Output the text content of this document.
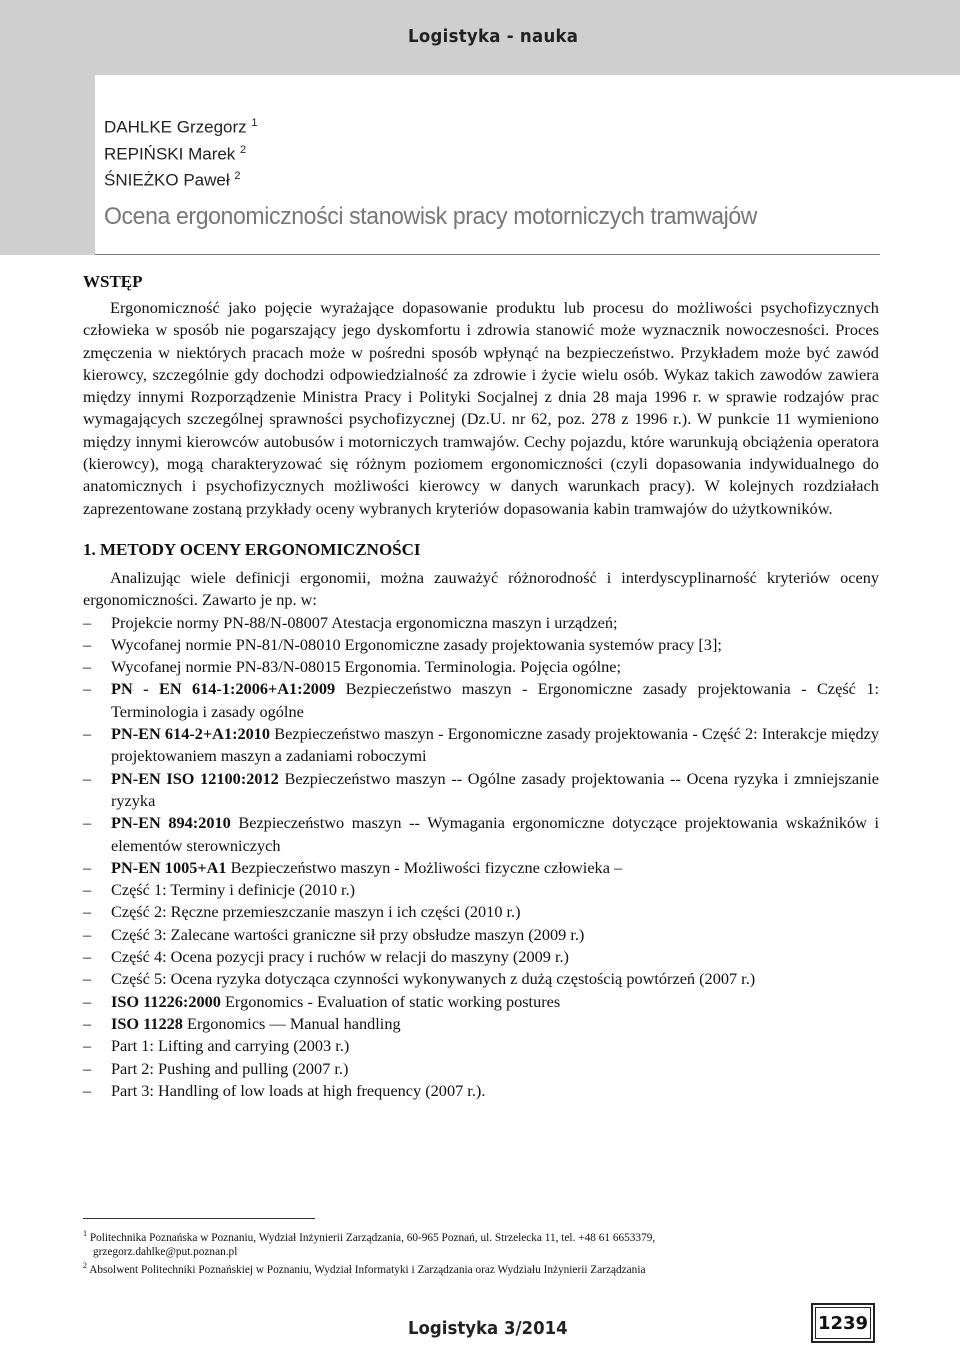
Logistyka - nauka
DAHLKE Grzegorz $^1$
REPIŃSKI Marek $^2$
ŚNIEŻKO Paweł $^2$
Ocena ergonomiczności stanowisk pracy motorniczych tramwajów
WSTĘP

Ergonomiczność jako pojęcie wyrażające dopasowanie produktu lub procesu do możliwości psychofizycznych człowieka w sposób nie pogarszający jego dyskomfortu i zdrowia stanowić może wyznacznik nowoczesności. Proces zmęczenia w niektórych pracach może w pośredni sposób wpłynąć na bezpieczeństwo. Przykładem może być zawód kierowcy, szczególnie gdy dochodzi odpowiedzialność za zdrowie i życie wielu osób. Wykaz takich zawodów zawiera między innymi Rozporządzenie Ministra Pracy i Polityki Socjalnej z dnia 28 maja 1996 r. w sprawie rodzajów prac wymagających szczególnej sprawności psychofizycznej (Dz.U. nr 62, poz. 278 z 1996 r.). W punkcie 11 wymieniono między innymi kierowców autobusów i motorniczych tramwajów. Cechy pojazdu, które warunkują obciążenia operatora (kierowcy), mogą charakteryzować się różnym poziomem ergonomiczności (czyli dopasowania indywidualnego do anatomicznych i psychofizycznych możliwości kierowcy w danych warunkach pracy). W kolejnych rozdziałach zaprezentowane zostaną przykłady oceny wybranych kryteriów dopasowania kabin tramwajów do użytkowników.

1. METODY OCENY ERGONOMICZNOŚCI

Analizując wiele definicji ergonomii, można zauważyć różnorodność i interdyscyplinarność kryteriów oceny ergonomiczności. Zawarto je np. w:

– Projekcie normy PN-88/N-08007 Atestacja ergonomiczna maszyn i urządzeń;
– Wycofanej normie PN-81/N-08010 Ergonomiczne zasady projektowania systemów pracy [3];
– Wycofanej normie PN-83/N-08015 Ergonomia. Terminologia. Pojęcia ogólne;
– PN - EN 614-1:2006+A1:2009 Bezpieczeństwo maszyn - Ergonomiczne zasady projektowania - Część 1: Terminologia i zasady ogólne
– PN-EN 614-2+A1:2010 Bezpieczeństwo maszyn - Ergonomiczne zasady projektowania - Część 2: Interakcje między projektowaniem maszyn a zadaniami roboczymi
– PN-EN ISO 12100:2012 Bezpieczeństwo maszyn -- Ogólne zasady projektowania -- Ocena ryzyka i zmniejszanie ryzyka
– PN-EN 894:2010 Bezpieczeństwo maszyn -- Wymagania ergonomiczne dotyczące projektowania wskaźników i elementów sterowniczych
– PN-EN 1005+A1 Bezpieczeństwo maszyn - Możliwości fizyczne człowieka –
– Część 1: Terminy i definicje (2010 r.)
– Część 2: Ręczne przemieszczanie maszyn i ich części (2010 r.)
– Część 3: Zalecane wartości graniczne sił przy obsłudze maszyn (2009 r.)
– Część 4: Ocena pozycji pracy i ruchów w relacji do maszyny (2009 r.)
– Część 5: Ocena ryzyka dotycząca czynności wykonywanych z dużą częstością powtórzeń (2007 r.)
– ISO 11226:2000 Ergonomics - Evaluation of static working postures
– ISO 11228 Ergonomics — Manual handling
– Part 1: Lifting and carrying (2003 r.)
– Part 2: Pushing and pulling (2007 r.)
– Part 3: Handling of low loads at high frequency (2007 r.).

$^1$ Politechnika Poznańska w Poznaniu, Wydział Inżynierii Zarządzania, 60-965 Poznań, ul. Strzelecka 11, tel. +48 61 6653379,

grzegorz.dahlke@put.poznan.pl

$^2$ Absolwent Politechniki Poznańskiej w Poznaniu, Wydział Informatyki i Zarządzania oraz Wydziału Inżynierii Zarządzania

Logistyka 3/2014	1239
